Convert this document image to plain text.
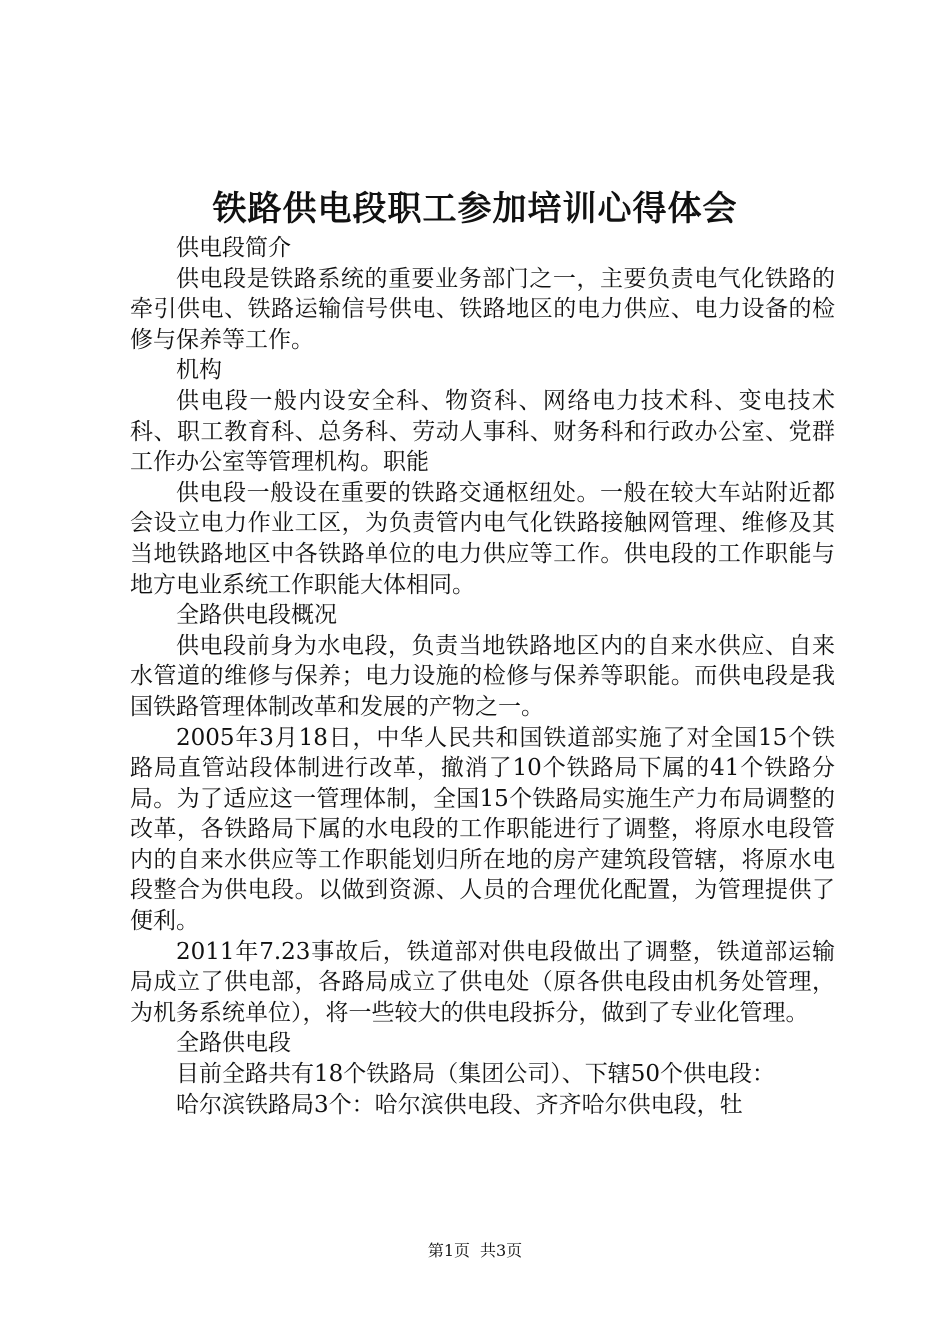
铁路供电段职工参加培训心得体会

供电段简介

供电段是铁路系统的重要业务部门之一，主要负责电气化铁路的牵引供电、铁路运输信号供电、铁路地区的电力供应、电力设备的检修与保养等工作。

机构

供电段一般内设安全科、物资科、网络电力技术科、变电技术科、职工教育科、总务科、劳动人事科、财务科和行政办公室、党群工作办公室等管理机构。职能

供电段一般设在重要的铁路交通枢纽处。一般在较大车站附近都会设立电力作业工区，为负责管内电气化铁路接触网管理、维修及其当地铁路地区中各铁路单位的电力供应等工作。供电段的工作职能与地方电业系统工作职能大体相同。

全路供电段概况

供电段前身为水电段，负责当地铁路地区内的自来水供应、自来水管道的维修与保养；电力设施的检修与保养等职能。而供电段是我国铁路管理体制改革和发展的产物之一。

2005年3月18日，中华人民共和国铁道部实施了对全国15个铁路局直管站段体制进行改革，撤消了10个铁路局下属的41个铁路分局。为了适应这一管理体制，全国15个铁路局实施生产力布局调整的改革，各铁路局下属的水电段的工作职能进行了调整，将原水电段管内的自来水供应等工作职能划归所在地的房产建筑段管辖，将原水电段整合为供电段。以做到资源、人员的合理优化配置，为管理提供了便利。

2011年7.23事故后，铁道部对供电段做出了调整，铁道部运输局成立了供电部，各路局成立了供电处（原各供电段由机务处管理，为机务系统单位），将一些较大的供电段拆分，做到了专业化管理。

全路供电段

目前全路共有18个铁路局（集团公司）、下辖50个供电段：

哈尔滨铁路局3个：哈尔滨供电段、齐齐哈尔供电段，牡

第1页 共3页
